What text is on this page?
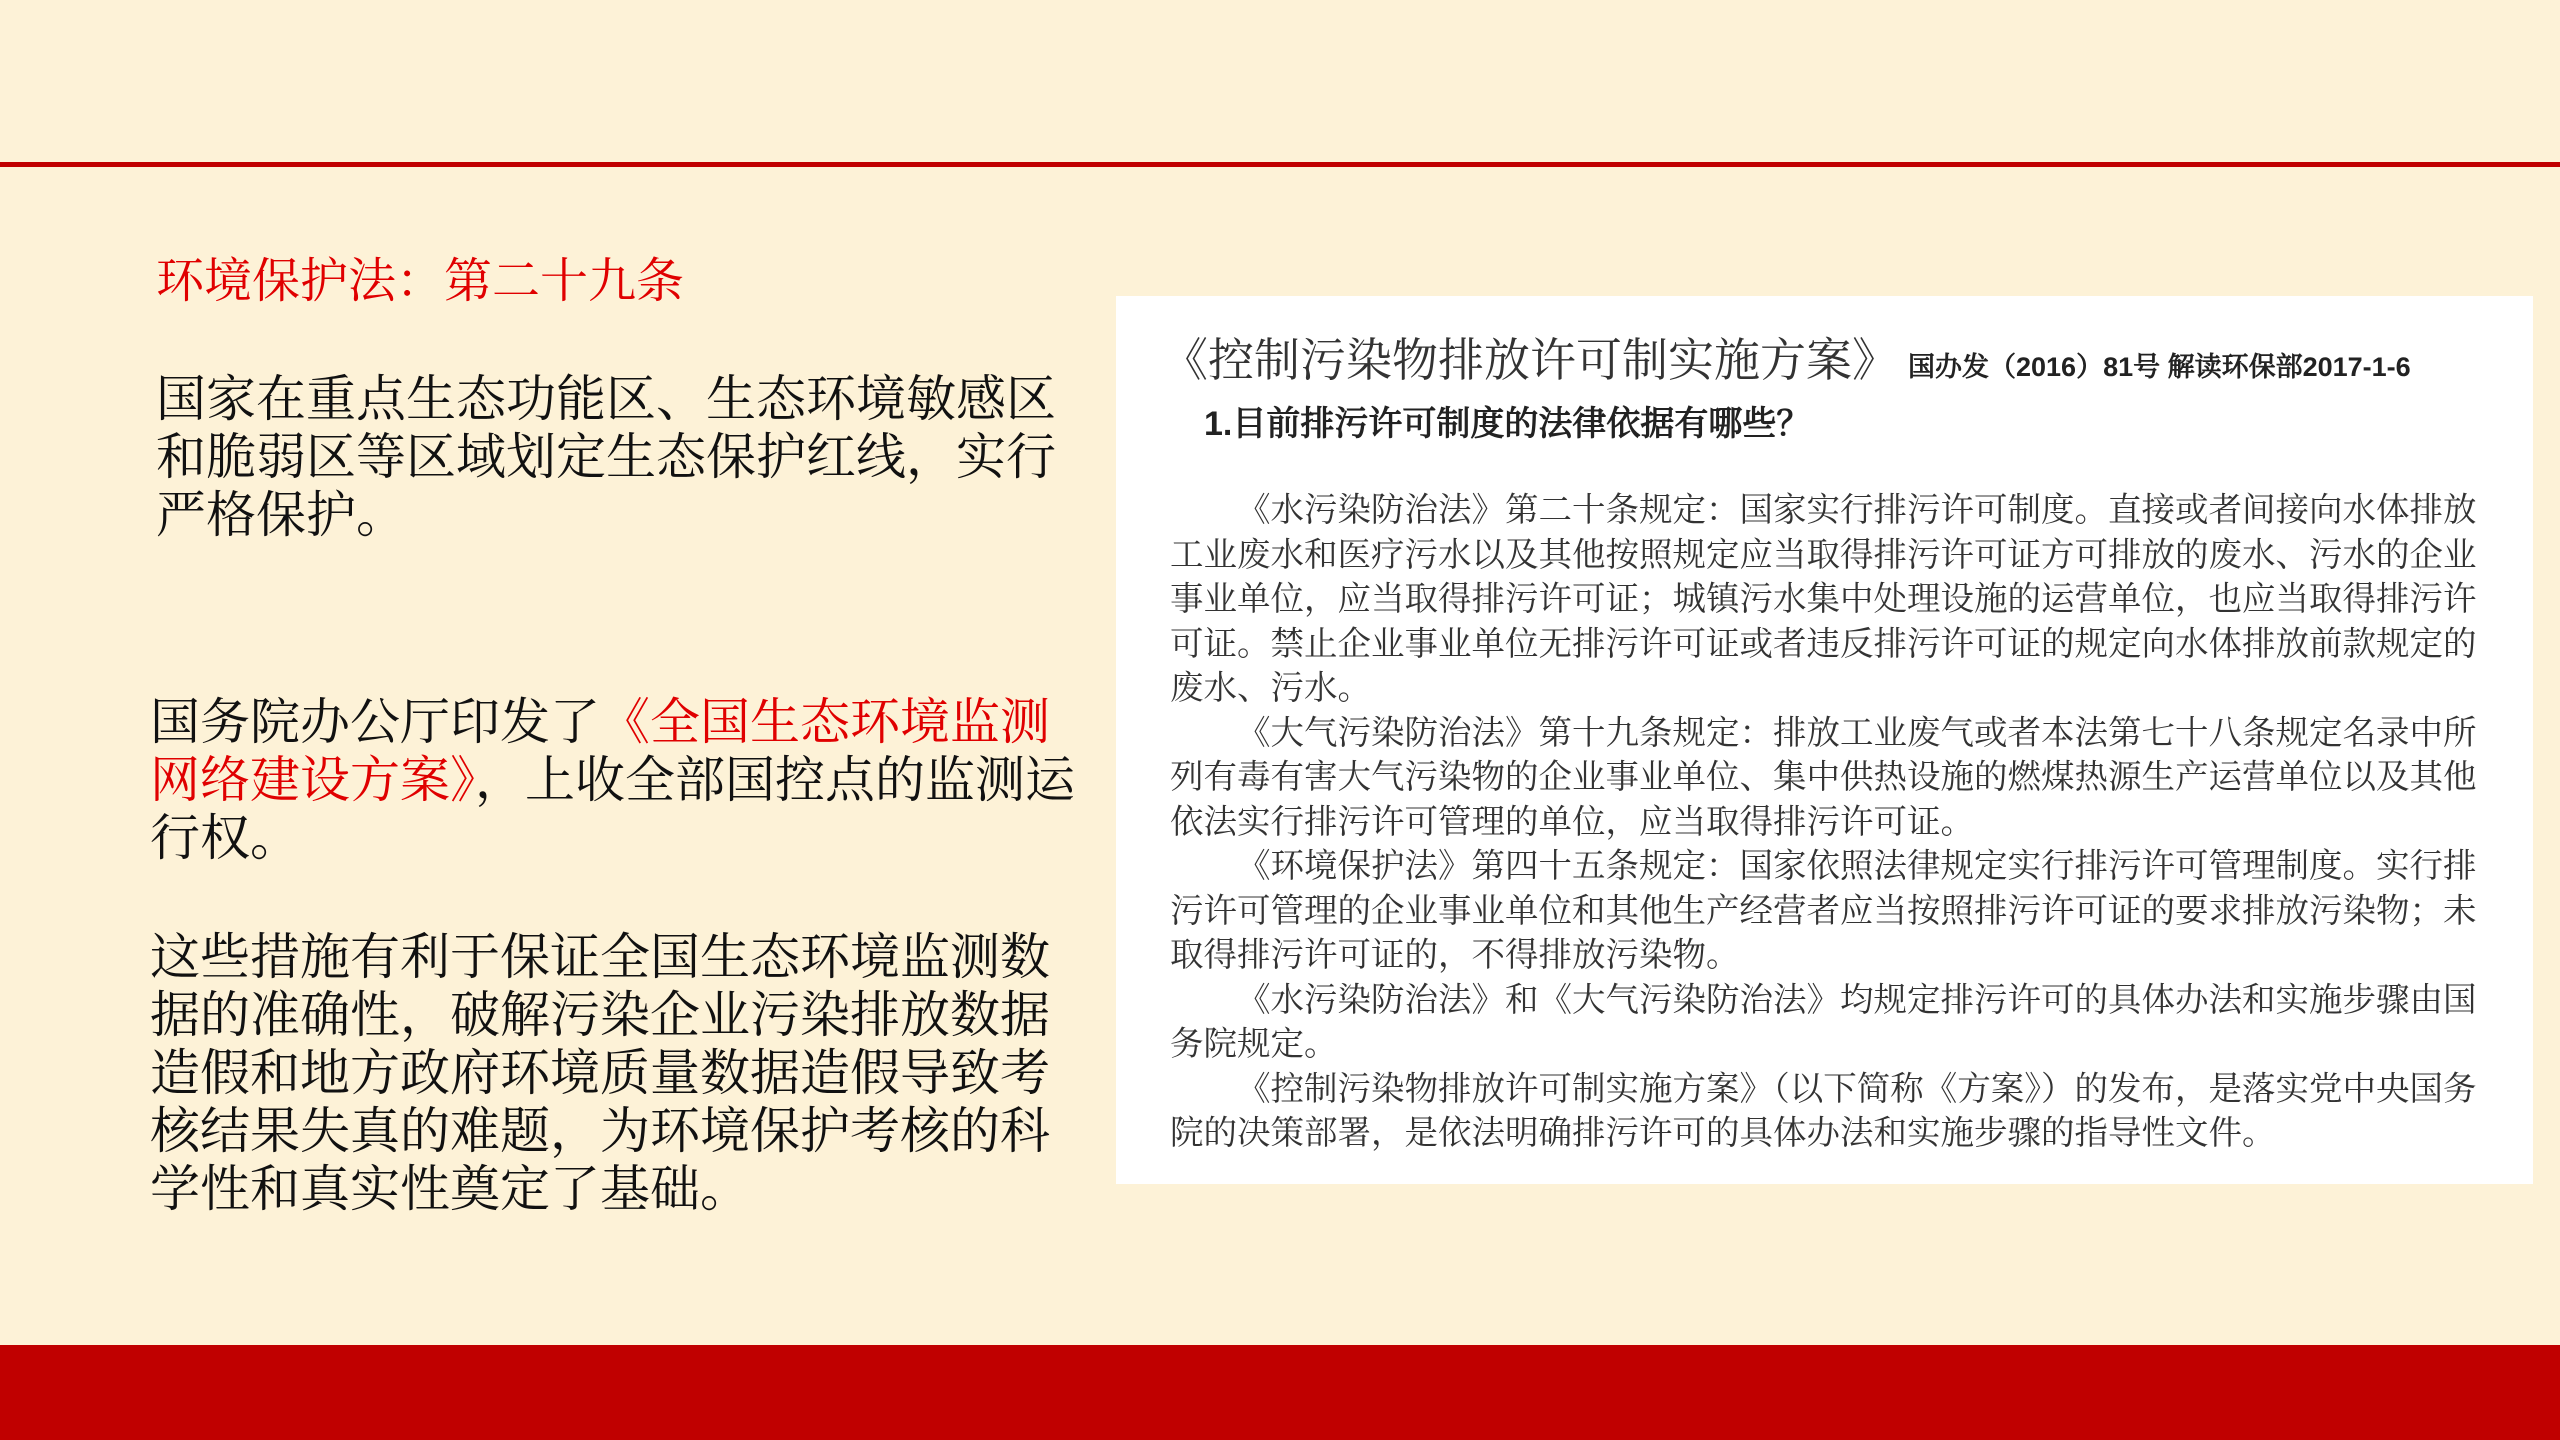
环境保护法：第二十九条
国家在重点生态功能区、生态环境敏感区和脆弱区等区域划定生态保护红线，实行严格保护。
国务院办公厅印发了《全国生态环境监测网络建设方案》，上收全部国控点的监测运行权。
这些措施有利于保证全国生态环境监测数据的准确性，破解污染企业污染排放数据造假和地方政府环境质量数据造假导致考核结果失真的难题，为环境保护考核的科学性和真实性奠定了基础。
《控制污染物排放许可制实施方案》 国办发（2016）81号 解读环保部2017-1-6
1.目前排污许可制度的法律依据有哪些？

《水污染防治法》第二十条规定：国家实行排污许可制度。直接或者间接向水体排放工业废水和医疗污水以及其他按照规定应当取得排污许可证方可排放的废水、污水的企业事业单位，应当取得排污许可证；城镇污水集中处理设施的运营单位，也应当取得排污许可证。禁止企业事业单位无排污许可证或者违反排污许可证的规定向水体排放前款规定的废水、污水。

《大气污染防治法》第十九条规定：排放工业废气或者本法第七十八条规定名录中所列有毒有害大气污染物的企业事业单位、集中供热设施的燃煤热源生产运营单位以及其他依法实行排污许可管理的单位，应当取得排污许可证。

《环境保护法》第四十五条规定：国家依照法律规定实行排污许可管理制度。实行排污许可管理的企业事业单位和其他生产经营者应当按照排污许可证的要求排放污染物；未取得排污许可证的，不得排放污染物。

《水污染防治法》和《大气污染防治法》均规定排污许可的具体办法和实施步骤由国务院规定。

《控制污染物排放许可制实施方案》（以下简称《方案》）的发布，是落实党中央国务院的决策部署，是依法明确排污许可的具体办法和实施步骤的指导性文件。
